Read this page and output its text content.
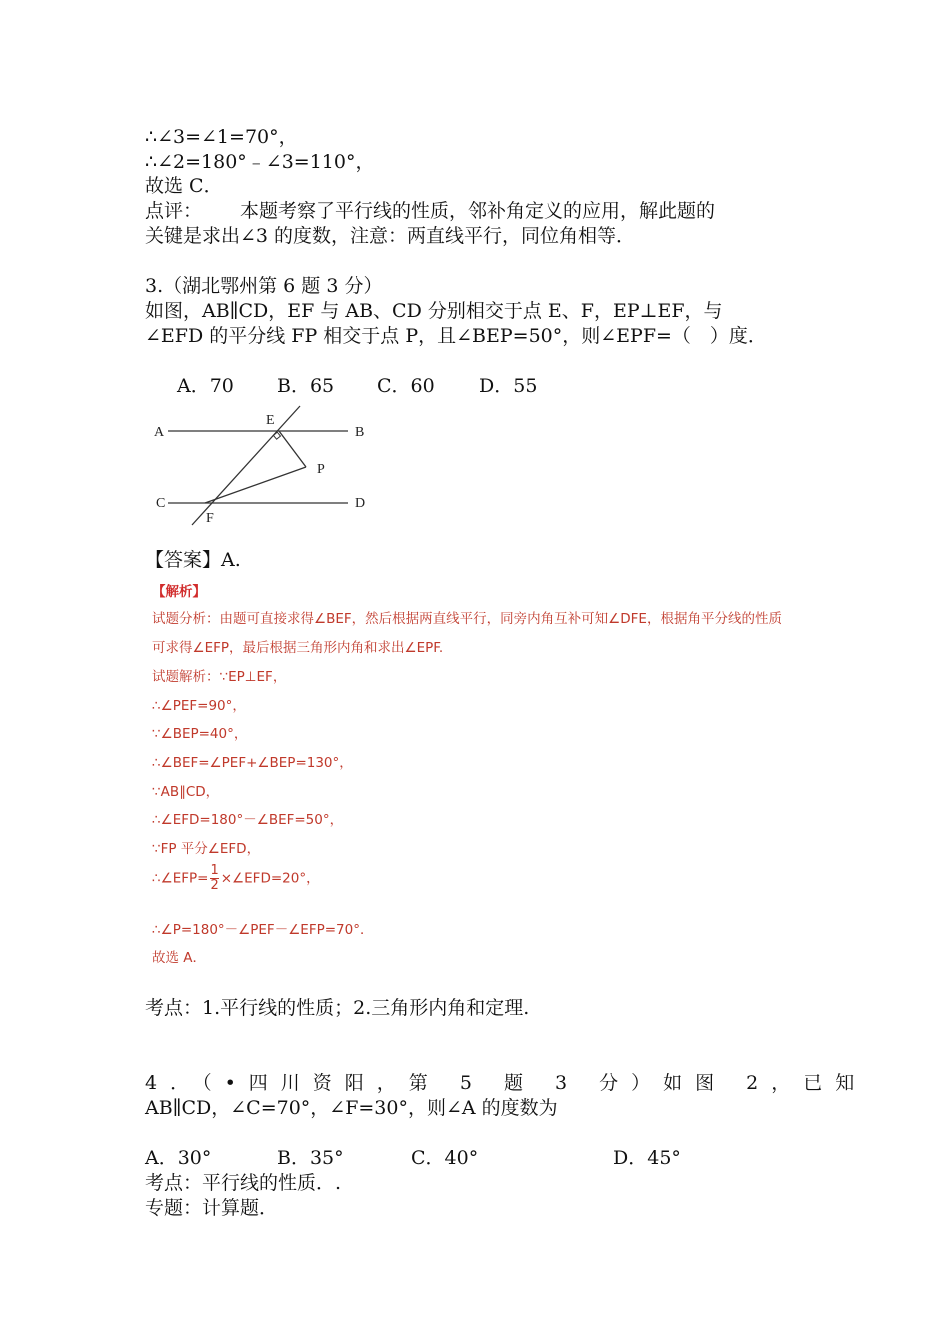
∴∠3=∠1=70°，
∴∠2=180°﹣∠3=110°，
故选 C．
点评： 本题考察了平行线的性质，邻补角定义的应用，解此题的
关键是求出∠3 的度数，注意：两直线平行，同位角相等．
3.（湖北鄂州第 6 题 3 分）
如图，AB∥CD，EF 与 AB、CD 分别相交于点 E、F，EP⊥EF，与
∠EFD 的平分线 FP 相交于点 P，且∠BEP=50°，则∠EPF=（　）度．
A．70 B．65 C．60 D．55
A	B
C	D
E
F
P
【答案】A.
【解析】
试题分析：由题可直接求得∠BEF，然后根据两直线平行，同旁内角互补可知∠DFE，根据角平分线的性质
可求得∠EFP，最后根据三角形内角和求出∠EPF.
试题解析：∵EP⊥EF，
∴∠PEF=90°，
∵∠BEP=40°，
∴∠BEF=∠PEF+∠BEP=130°，
∵AB∥CD，
∴∠EFD=180°－∠BEF=50°，
∵FP 平分∠EFD，
∴∠EFP= $\frac{1}{2}$ ×∠EFD=20°，
∴∠P=180°－∠PEF－∠EFP=70°．
故选 A．
考点：1.平行线的性质；2.三角形内角和定理.
4．（•四川资阳，第 5 题 3 分）如图 2，已知
AB∥CD，∠C=70°，∠F=30°，则∠A 的度数为
A．30°	B．35°	C．40°	D．45°
考点：平行线的性质．.
专题：计算题．
